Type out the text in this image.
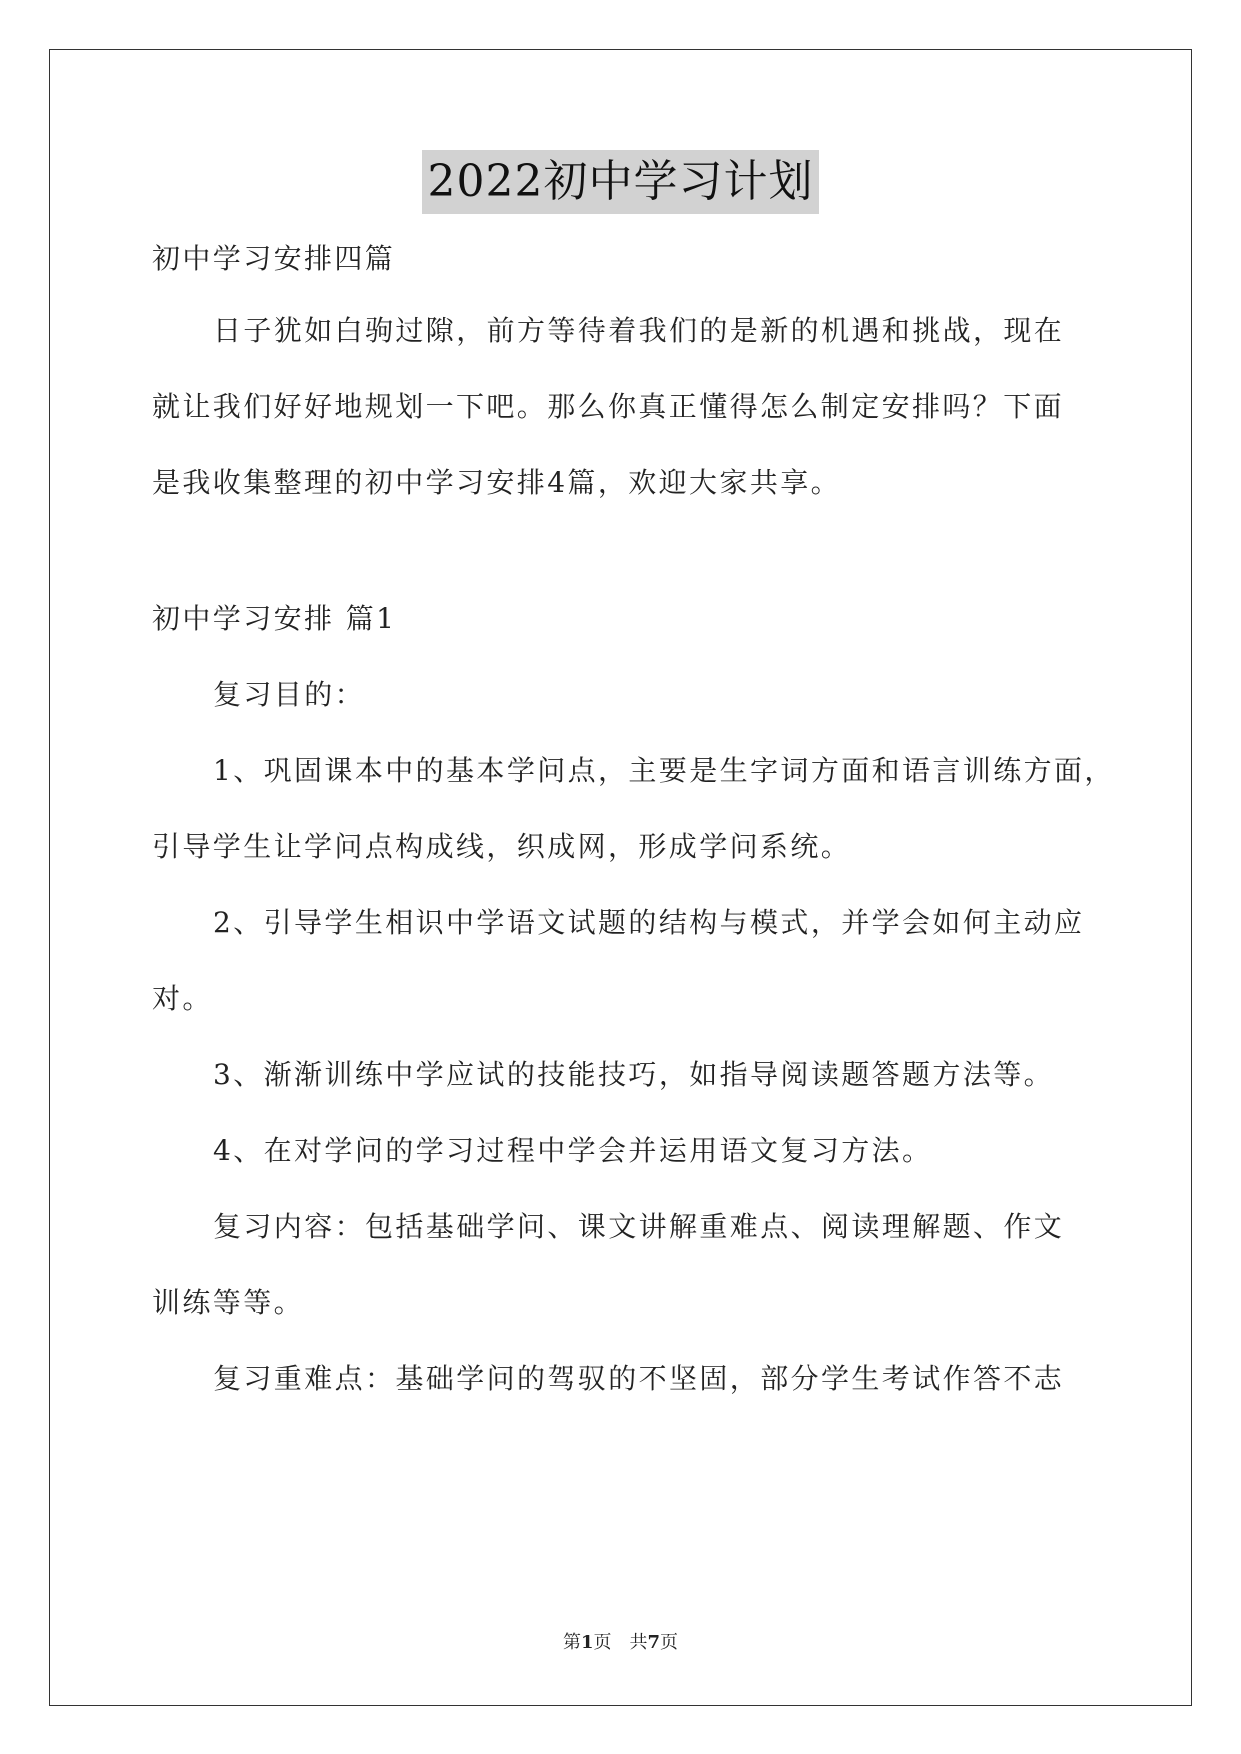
2022初中学习计划
初中学习安排四篇
日子犹如白驹过隙，前方等待着我们的是新的机遇和挑战，现在
就让我们好好地规划一下吧。那么你真正懂得怎么制定安排吗？下面
是我收集整理的初中学习安排4篇，欢迎大家共享。
初中学习安排 篇1
复习目的：
1、巩固课本中的基本学问点，主要是生字词方面和语言训练方面，
引导学生让学问点构成线，织成网，形成学问系统。
2、引导学生相识中学语文试题的结构与模式，并学会如何主动应
对。
3、渐渐训练中学应试的技能技巧，如指导阅读题答题方法等。
4、在对学问的学习过程中学会并运用语文复习方法。
复习内容：包括基础学问、课文讲解重难点、阅读理解题、作文
训练等等。
复习重难点：基础学问的驾驭的不坚固，部分学生考试作答不志
第1页　共7页
